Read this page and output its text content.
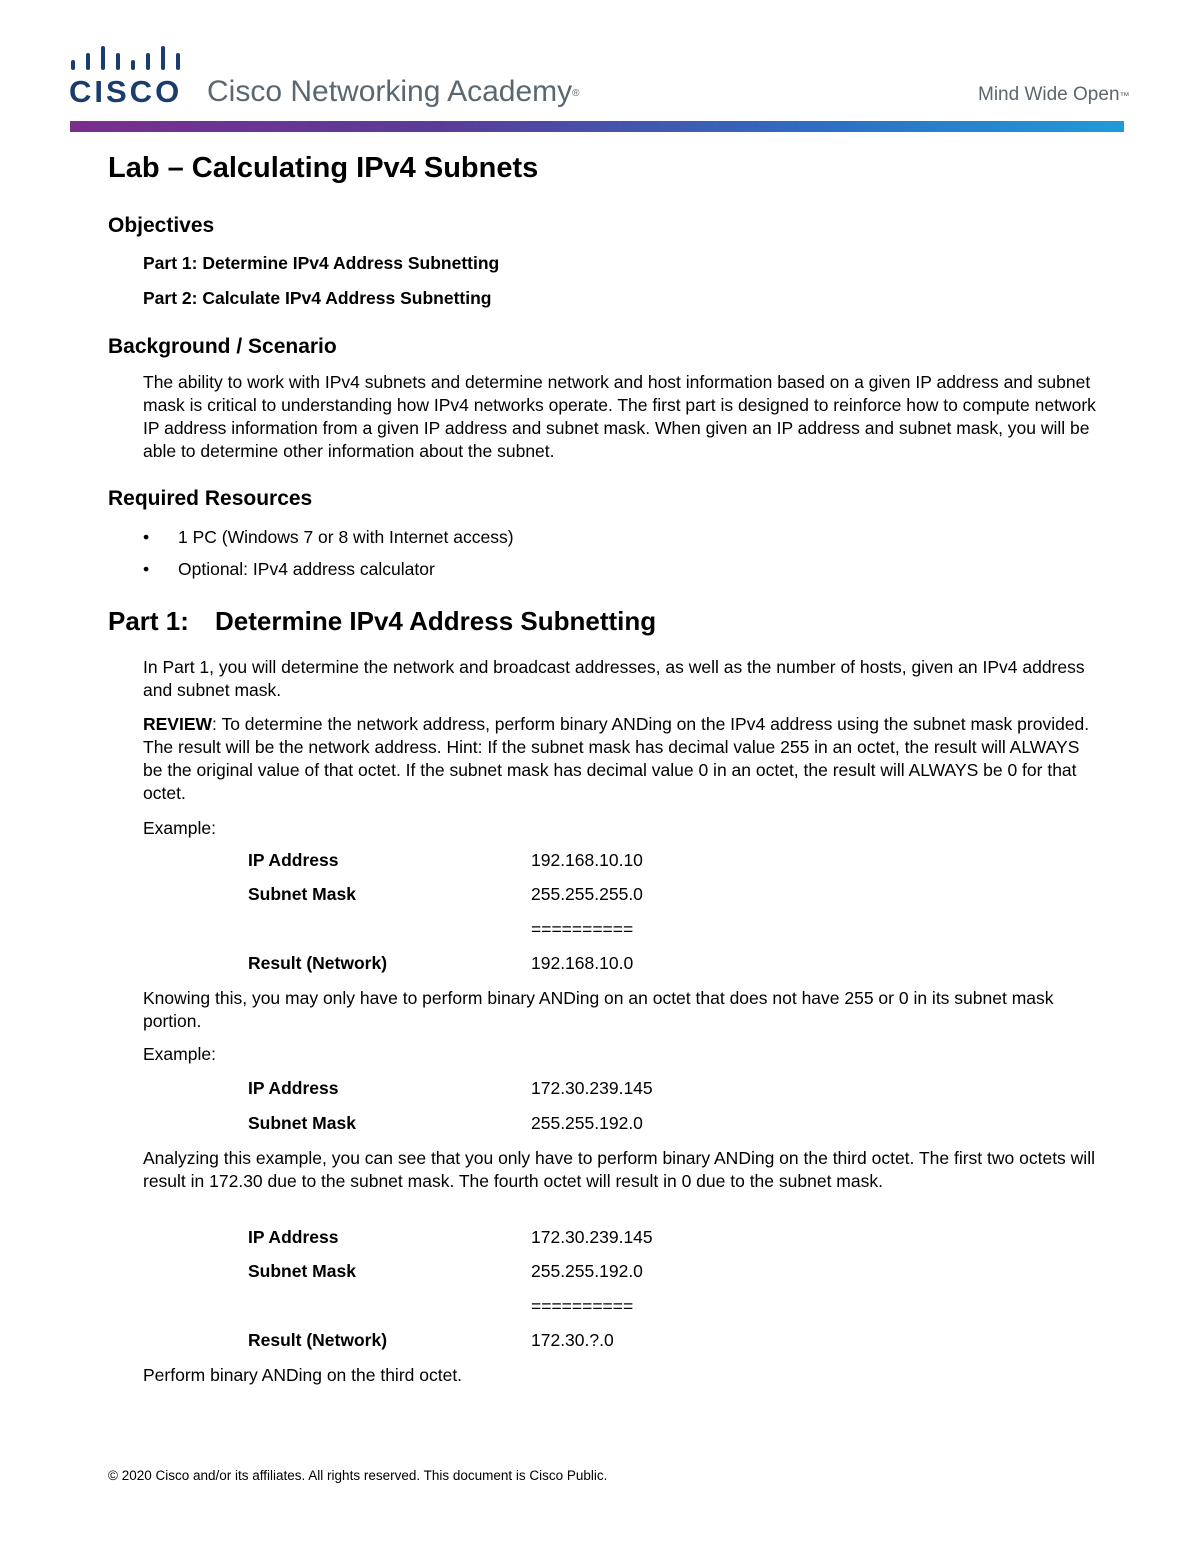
CISCO Cisco Networking Academy®	Mind Wide Open™
Lab – Calculating IPv4 Subnets
Objectives

Part 1: Determine IPv4 Address Subnetting

Part 2: Calculate IPv4 Address Subnetting

Background / Scenario

The ability to work with IPv4 subnets and determine network and host information based on a given IP address and subnet mask is critical to understanding how IPv4 networks operate. The first part is designed to reinforce how to compute network IP address information from a given IP address and subnet mask. When given an IP address and subnet mask, you will be able to determine other information about the subnet.

Required Resources
• 1 PC (Windows 7 or 8 with Internet access)
• Optional: IPv4 address calculator
Part 1: Determine IPv4 Address Subnetting

In Part 1, you will determine the network and broadcast addresses, as well as the number of hosts, given an IPv4 address and subnet mask.

REVIEW: To determine the network address, perform binary ANDing on the IPv4 address using the subnet mask provided. The result will be the network address. Hint: If the subnet mask has decimal value 255 in an octet, the result will ALWAYS be the original value of that octet. If the subnet mask has decimal value 0 in an octet, the result will ALWAYS be 0 for that octet.

Example:

IP Address	192.168.10.10
Subnet Mask	255.255.255.0
==========
Result (Network)	192.168.10.0

Knowing this, you may only have to perform binary ANDing on an octet that does not have 255 or 0 in its subnet mask portion.

Example:

IP Address	172.30.239.145
Subnet Mask	255.255.192.0

Analyzing this example, you can see that you only have to perform binary ANDing on the third octet. The first two octets will result in 172.30 due to the subnet mask. The fourth octet will result in 0 due to the subnet mask.

IP Address	172.30.239.145
Subnet Mask	255.255.192.0
==========
Result (Network)	172.30.?.0

Perform binary ANDing on the third octet.

© 2020 Cisco and/or its affiliates. All rights reserved. This document is Cisco Public.
